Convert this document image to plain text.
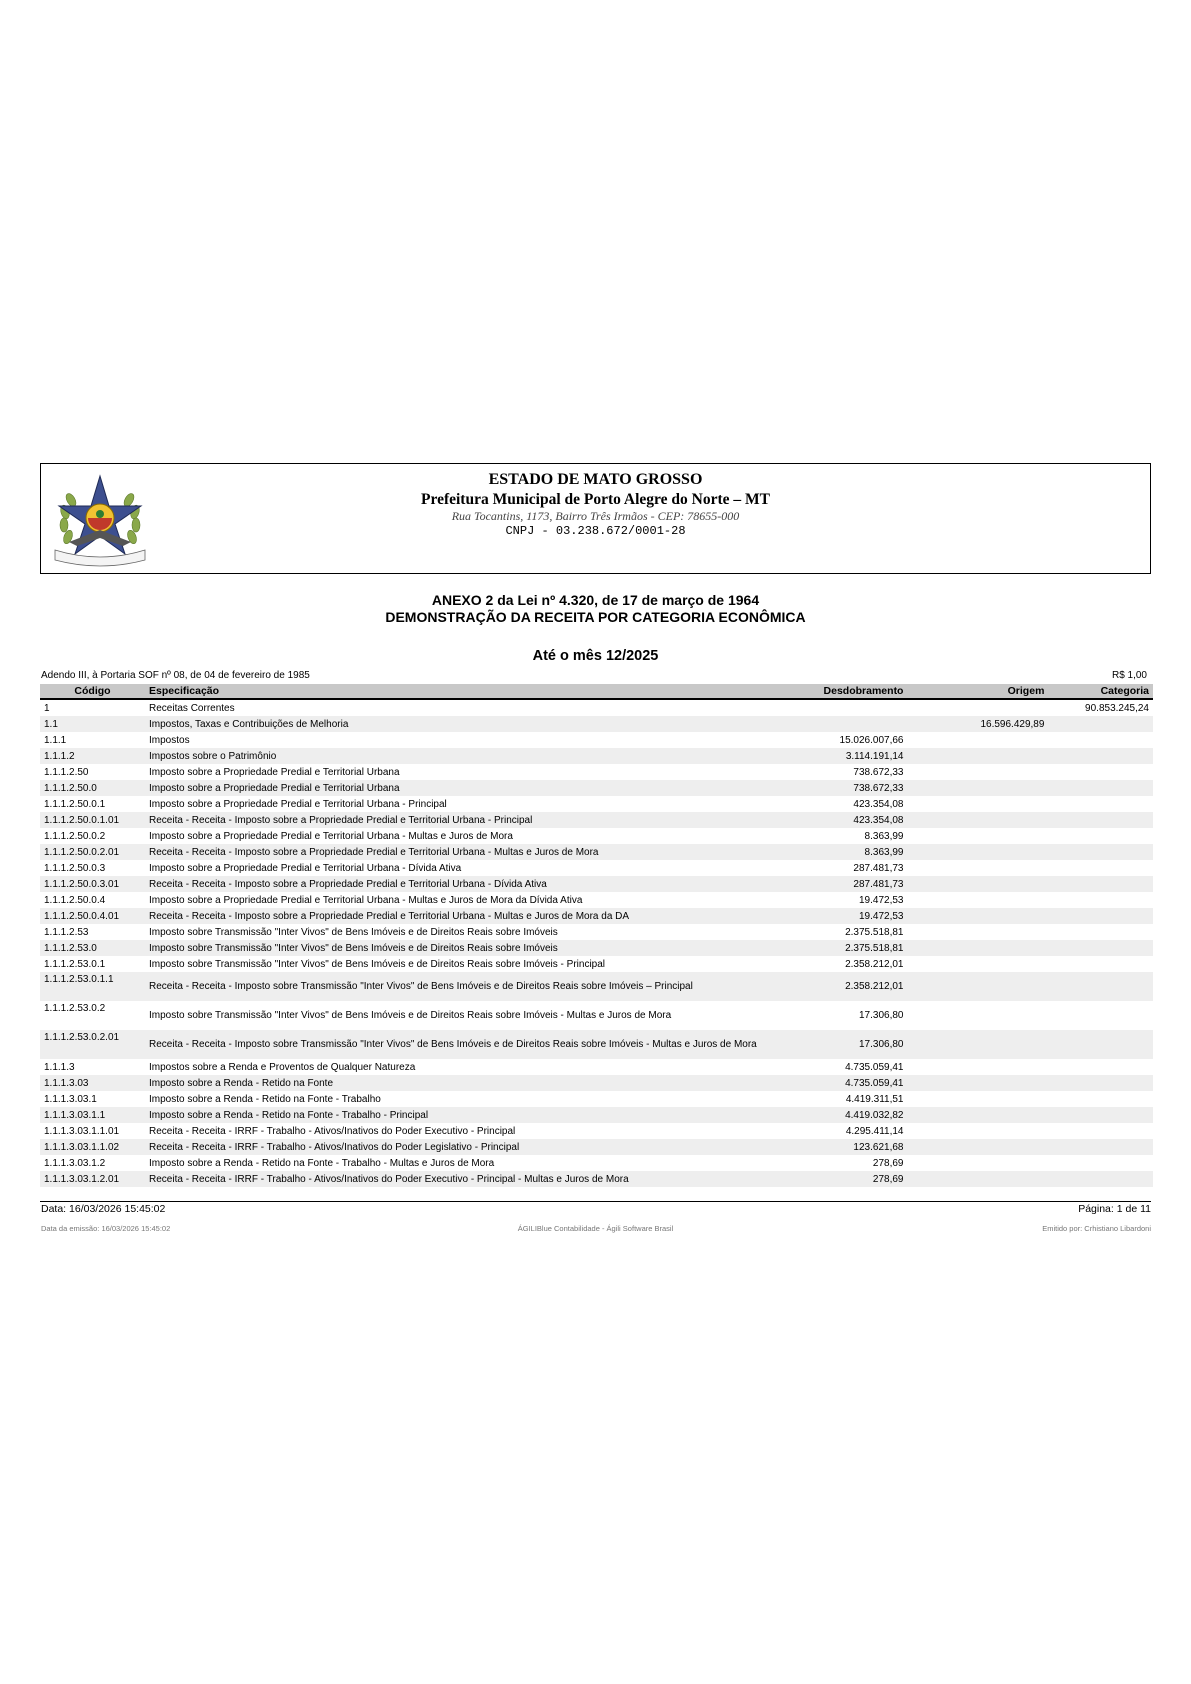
ESTADO DE MATO GROSSO
Prefeitura Municipal de Porto Alegre do Norte – MT
Rua Tocantins, 1173, Bairro Três Irmãos - CEP: 78655-000
CNPJ - 03.238.672/0001-28
ANEXO 2 da Lei nº 4.320, de 17 de março de 1964
DEMONSTRAÇÃO DA RECEITA POR CATEGORIA ECONÔMICA
Até o mês 12/2025
Adendo III, à Portaria SOF nº 08, de 04 de fevereiro de 1985	R$ 1,00
Código	Especificação	Desdobramento	Origem	Categoria
1	Receitas Correntes			90.853.245,24
1.1	Impostos, Taxas e Contribuições de Melhoria		16.596.429,89	
1.1.1	Impostos	15.026.007,66		
1.1.1.2	Impostos sobre o Patrimônio	3.114.191,14		
1.1.1.2.50	Imposto sobre a Propriedade Predial e Territorial Urbana	738.672,33		
1.1.1.2.50.0	Imposto sobre a Propriedade Predial e Territorial Urbana	738.672,33		
1.1.1.2.50.0.1	Imposto sobre a Propriedade Predial e Territorial Urbana - Principal	423.354,08		
1.1.1.2.50.0.1.01	Receita - Receita - Imposto sobre a Propriedade Predial e Territorial Urbana - Principal	423.354,08		
1.1.1.2.50.0.2	Imposto sobre a Propriedade Predial e Territorial Urbana - Multas e Juros de Mora	8.363,99		
1.1.1.2.50.0.2.01	Receita - Receita - Imposto sobre a Propriedade Predial e Territorial Urbana - Multas e Juros de Mora	8.363,99		
1.1.1.2.50.0.3	Imposto sobre a Propriedade Predial e Territorial Urbana - Dívida Ativa	287.481,73		
1.1.1.2.50.0.3.01	Receita - Receita - Imposto sobre a Propriedade Predial e Territorial Urbana - Dívida Ativa	287.481,73		
1.1.1.2.50.0.4	Imposto sobre a Propriedade Predial e Territorial Urbana - Multas e Juros de Mora da Dívida Ativa	19.472,53		
1.1.1.2.50.0.4.01	Receita - Receita - Imposto sobre a Propriedade Predial e Territorial Urbana - Multas e Juros de Mora da DA	19.472,53		
1.1.1.2.53	Imposto sobre Transmissão "Inter Vivos" de Bens Imóveis e de Direitos Reais sobre Imóveis	2.375.518,81		
1.1.1.2.53.0	Imposto sobre Transmissão "Inter Vivos" de Bens Imóveis e de Direitos Reais sobre Imóveis	2.375.518,81		
1.1.1.2.53.0.1	Imposto sobre Transmissão "Inter Vivos" de Bens Imóveis e de Direitos Reais sobre Imóveis - Principal	2.358.212,01		
1.1.1.2.53.0.1.1	Receita - Receita - Imposto sobre Transmissão "Inter Vivos" de Bens Imóveis e de Direitos Reais sobre Imóveis – Principal	2.358.212,01		
1.1.1.2.53.0.2	Imposto sobre Transmissão "Inter Vivos" de Bens Imóveis e de Direitos Reais sobre Imóveis - Multas e Juros de Mora	17.306,80		
1.1.1.2.53.0.2.01	Receita - Receita - Imposto sobre Transmissão "Inter Vivos" de Bens Imóveis e de Direitos Reais sobre Imóveis - Multas e Juros de Mora	17.306,80		
1.1.1.3	Impostos sobre a Renda e Proventos de Qualquer Natureza	4.735.059,41		
1.1.1.3.03	Imposto sobre a Renda - Retido na Fonte	4.735.059,41		
1.1.1.3.03.1	Imposto sobre a Renda - Retido na Fonte - Trabalho	4.419.311,51		
1.1.1.3.03.1.1	Imposto sobre a Renda - Retido na Fonte - Trabalho - Principal	4.419.032,82		
1.1.1.3.03.1.1.01	Receita - Receita - IRRF - Trabalho - Ativos/Inativos do Poder Executivo - Principal	4.295.411,14		
1.1.1.3.03.1.1.02	Receita - Receita - IRRF - Trabalho - Ativos/Inativos do Poder Legislativo - Principal	123.621,68		
1.1.1.3.03.1.2	Imposto sobre a Renda - Retido na Fonte - Trabalho - Multas e Juros de Mora	278,69		
1.1.1.3.03.1.2.01	Receita - Receita - IRRF - Trabalho - Ativos/Inativos do Poder Executivo - Principal - Multas e Juros de Mora	278,69		
Data: 16/03/2026 15:45:02	Página: 1 de 11
Data da emissão: 16/03/2026 15:45:02	ÁGILIBlue Contabilidade - Ágili Software Brasil	Emitido por: Crhistiano Libardoni
